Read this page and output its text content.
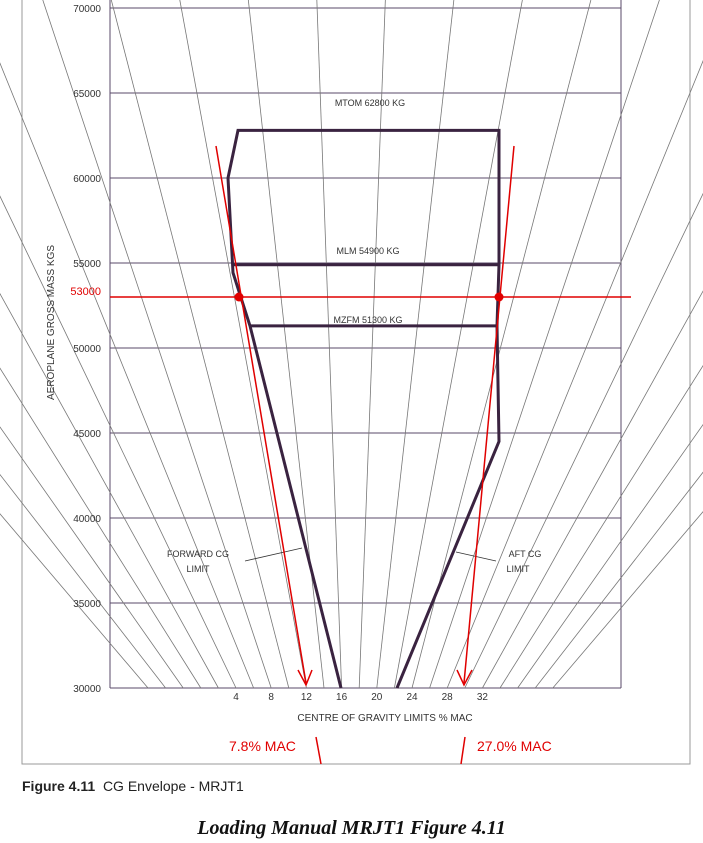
30000
35000
40000
45000
50000
55000
60000
65000
70000
4	8	12 16 20 24 28 32
AEROPLANE GROSS MASS KGS
CENTRE OF GRAVITY LIMITS % MAC
MTOM 62800 KG
MLM 54900 KG
MZFM 51300 KG
FORWARD CG
LIMIT
AFT CG
LIMIT
53000
7.8% MAC	27.0% MAC
Figure 4.11 CG Envelope - MRJT1
Loading Manual MRJT1 Figure 4.11
